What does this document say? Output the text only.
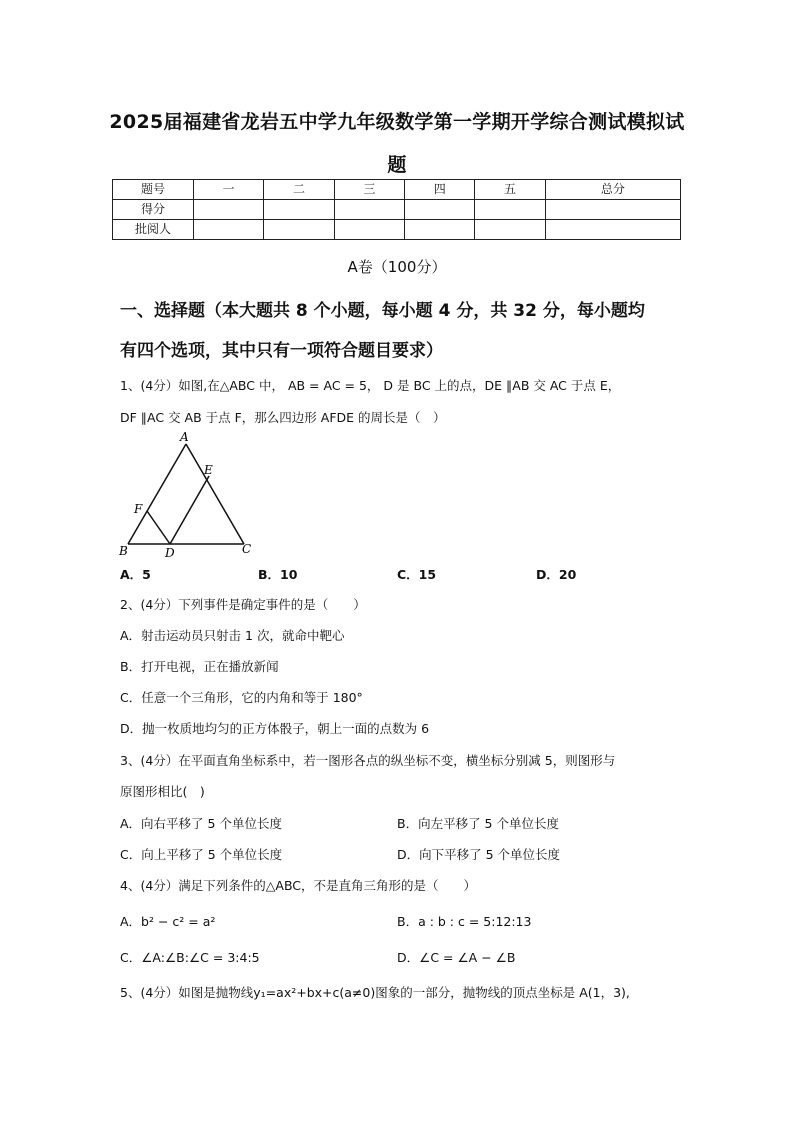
2025届福建省龙岩五中学九年级数学第一学期开学综合测试模拟试
题
题号	一	二	三	四	五	总分
得分						
批阅人						
A卷（100分）
一、选择题（本大题共 8 个小题，每小题 4 分，共 32 分，每小题均
有四个选项，其中只有一项符合题目要求）
1、(4分）如图,在△ABC 中， AB = AC = 5， D 是 BC 上的点，DE ∥AB 交 AC 于点 E，
DF ∥AC 交 AB 于点 F，那么四边形 AFDE 的周长是（　）
A
E
F
B	D	C
A．5	B．10	C．15	D．20
2、(4分）下列事件是确定事件的是（　　）
A．射击运动员只射击 1 次，就命中靶心
B．打开电视，正在播放新闻
C．任意一个三角形，它的内角和等于 180°
D．抛一枚质地均匀的正方体骰子，朝上一面的点数为 6
3、(4分）在平面直角坐标系中，若一图形各点的纵坐标不变，横坐标分别减 5，则图形与
原图形相比(　)
A．向右平移了 5 个单位长度	B．向左平移了 5 个单位长度
C．向上平移了 5 个单位长度	D．向下平移了 5 个单位长度
4、(4分）满足下列条件的△ABC，不是直角三角形的是（　　）
A．b² − c² = a²	B．a : b : c = 5:12:13
C．∠A:∠B:∠C = 3:4:5	D．∠C = ∠A − ∠B
5、(4分）如图是抛物线y₁=ax²+bx+c(a≠0)图象的一部分，抛物线的顶点坐标是 A(1，3),
